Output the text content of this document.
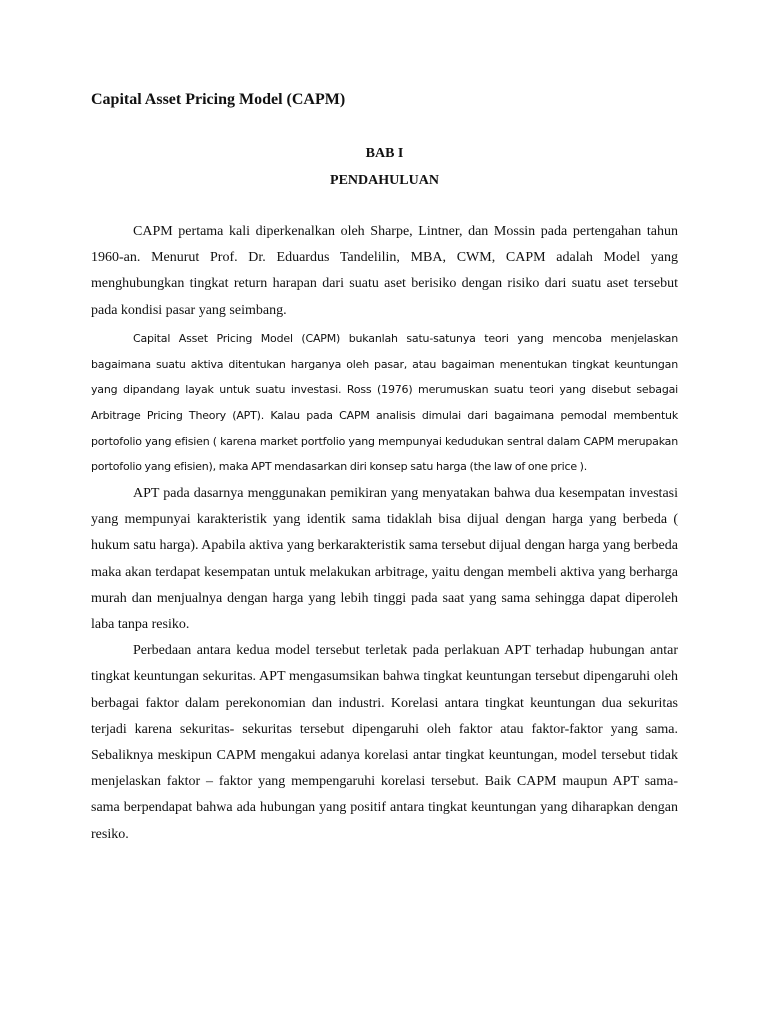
Capital Asset Pricing Model (CAPM)

BAB I

PENDAHULUAN

CAPM pertama kali diperkenalkan oleh Sharpe, Lintner, dan Mossin pada pertengahan tahun 1960-an. Menurut Prof. Dr. Eduardus Tandelilin, MBA, CWM, CAPM adalah Model yang menghubungkan tingkat return harapan dari suatu aset berisiko dengan risiko dari suatu aset tersebut pada kondisi pasar yang seimbang.

Capital Asset Pricing Model (CAPM) bukanlah satu-satunya teori yang mencoba menjelaskan bagaimana suatu aktiva ditentukan harganya oleh pasar, atau bagaiman menentukan tingkat keuntungan yang dipandang layak untuk suatu investasi. Ross (1976) merumuskan suatu teori yang disebut sebagai Arbitrage Pricing Theory (APT). Kalau pada CAPM analisis dimulai dari bagaimana pemodal membentuk portofolio yang efisien ( karena market portfolio yang mempunyai kedudukan sentral dalam CAPM merupakan portofolio yang efisien), maka APT mendasarkan diri konsep satu harga (the law of one price ).

APT pada dasarnya menggunakan pemikiran yang menyatakan bahwa dua kesempatan investasi yang mempunyai karakteristik yang identik sama tidaklah bisa dijual dengan harga yang berbeda ( hukum satu harga). Apabila aktiva yang berkarakteristik sama tersebut dijual dengan harga yang berbeda maka akan terdapat kesempatan untuk melakukan arbitrage, yaitu dengan membeli aktiva yang berharga murah dan menjualnya dengan harga yang lebih tinggi pada saat yang sama sehingga dapat diperoleh laba tanpa resiko.

Perbedaan antara kedua model tersebut terletak pada perlakuan APT terhadap hubungan antar tingkat keuntungan sekuritas. APT mengasumsikan bahwa tingkat keuntungan tersebut dipengaruhi oleh berbagai faktor dalam perekonomian dan industri. Korelasi antara tingkat keuntungan dua sekuritas terjadi karena sekuritas- sekuritas tersebut dipengaruhi oleh faktor atau faktor-faktor yang sama. Sebaliknya meskipun CAPM mengakui adanya korelasi antar tingkat keuntungan, model tersebut tidak menjelaskan faktor – faktor yang mempengaruhi korelasi tersebut. Baik CAPM maupun APT sama-sama berpendapat bahwa ada hubungan yang positif antara tingkat keuntungan yang diharapkan dengan resiko.
